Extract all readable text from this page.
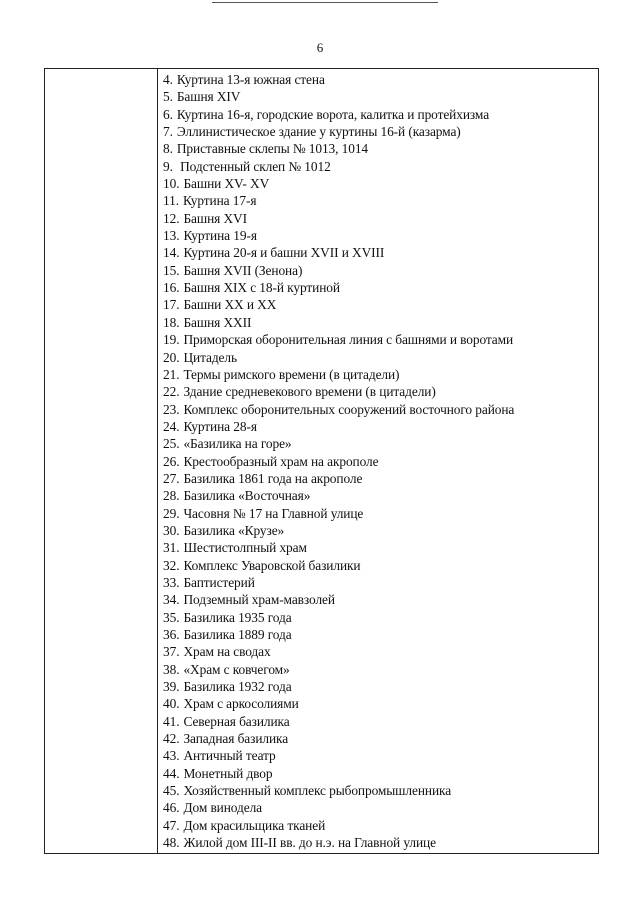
6
4. Куртина 13-я южная стена
5. Башня XIV
6. Куртина 16-я, городские ворота, калитка и протейхизма
7. Эллинистическое здание у куртины 16-й (казарма)
8. Приставные склепы № 1013, 1014
9. Подстенный склеп № 1012
10. Башни XV- XV
11. Куртина 17-я
12. Башня XVI
13. Куртина 19-я
14. Куртина 20-я и башни XVII и XVIII
15. Башня XVII (Зенона)
16. Башня XIX с 18-й куртиной
17. Башни XX и XX
18. Башня XXII
19. Приморская оборонительная линия с башнями и воротами
20. Цитадель
21. Термы римского времени (в цитадели)
22. Здание средневекового времени (в цитадели)
23. Комплекс оборонительных сооружений восточного района
24. Куртина 28-я
25. «Базилика на горе»
26. Крестообразный храм на акрополе
27. Базилика 1861 года на акрополе
28. Базилика «Восточная»
29. Часовня № 17 на Главной улице
30. Базилика «Крузе»
31. Шестистолпный храм
32. Комплекс Уваровской базилики
33. Баптистерий
34. Подземный храм-мавзолей
35. Базилика 1935 года
36. Базилика 1889 года
37. Храм на сводах
38. «Храм с ковчегом»
39. Базилика 1932 года
40. Храм с аркосолиями
41. Северная базилика
42. Западная базилика
43. Античный театр
44. Монетный двор
45. Хозяйственный комплекс рыбопромышленника
46. Дом винодела
47. Дом красильщика тканей
48. Жилой дом III-II вв. до н.э. на Главной улице
